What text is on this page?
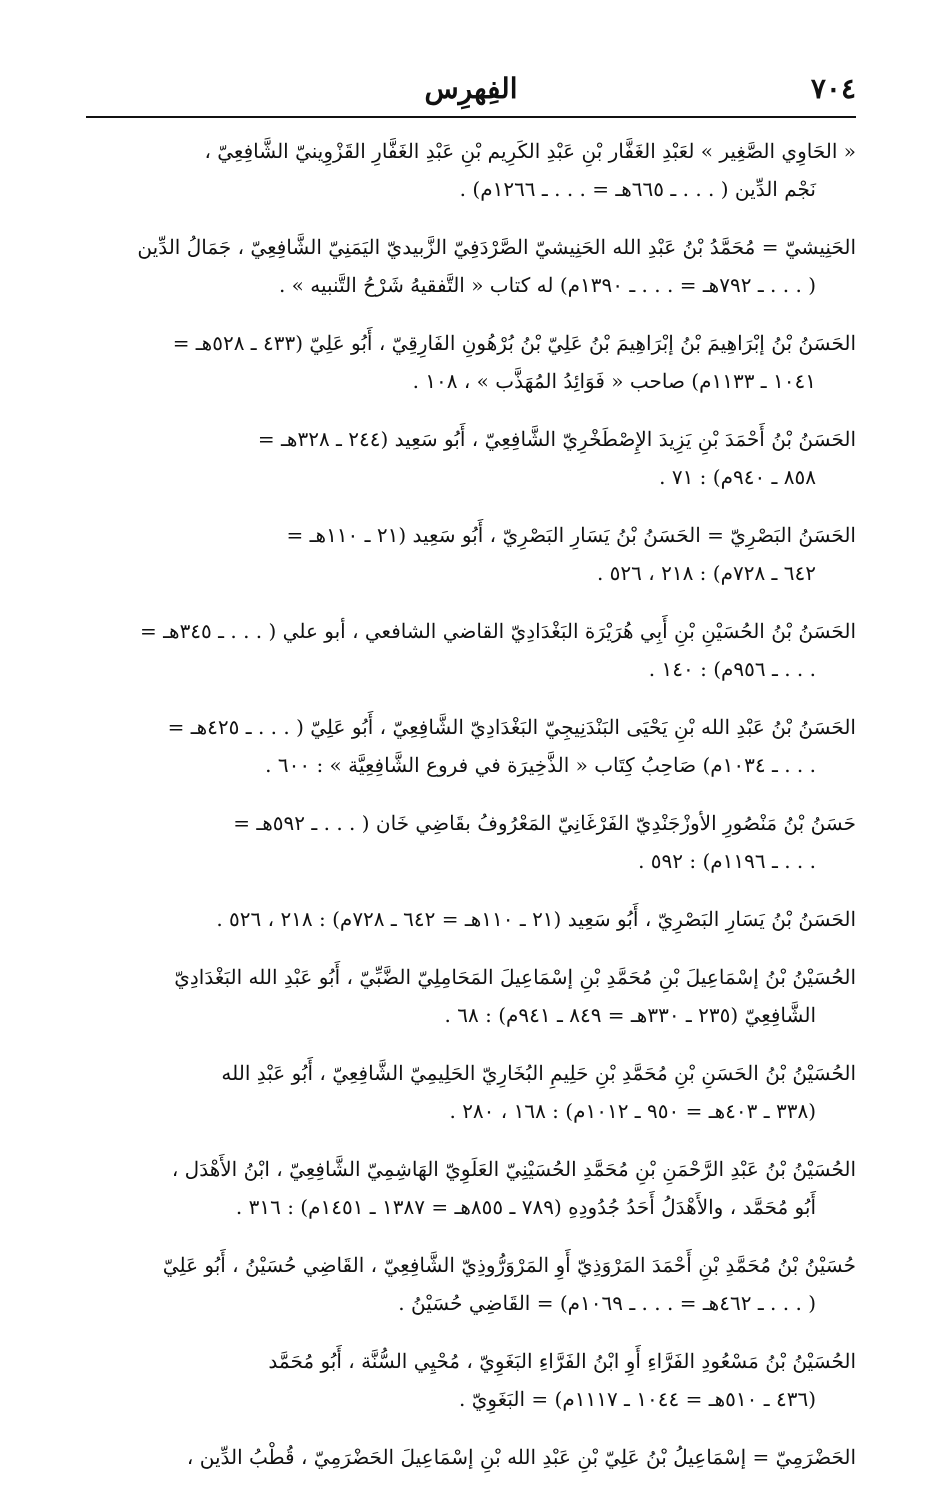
٧٠٤
الفِهرِس
« الحَاوِي الصَّغِير » لعَبْدِ الغَفَّار بْنِ عَبْدِ الكَرِيم بْنِ عَبْدِ الغَفَّارِ القَزْوِينيّ الشَّافِعِيّ ،
نَجْم الدِّين ( . . . ـ ٦٦٥هـ = . . . ـ ١٢٦٦م) .
الحَنِيشيّ = مُحَمَّدُ بْنُ عَبْدِ الله الحَنِيشيّ الصَّرْدَفِيّ الزَّبيديّ اليَمَنِيّ الشَّافِعِيّ ، جَمَالُ الدِّين
( . . . ـ ٧٩٢هـ = . . . ـ ١٣٩٠م) له كتاب « التَّفقيهُ شَرْحُ التَّنبيه » .
الحَسَنُ بْنُ إبْرَاهِيمَ بْنُ إبْرَاهِيمَ بْنُ عَلِيّ بْنُ بُرْهُونِ الفَارِقِيّ ، أَبُو عَلِيّ (٤٣٣ ـ ٥٢٨هـ =
١٠٤١ ـ ١١٣٣م) صاحب « فَوَائِدُ المُهَذَّب » ، ١٠٨ .
الحَسَنُ بْنُ أَحْمَدَ بْنِ يَزِيدَ الإِصْطَخْرِيّ الشَّافِعِيّ ، أَبُو سَعِيد (٢٤٤ ـ ٣٢٨هـ =
٨٥٨ ـ ٩٤٠م) : ٧١ .
الحَسَنُ البَصْرِيّ = الحَسَنُ بْنُ يَسَارِ البَصْرِيّ ، أَبُو سَعِيد (٢١ ـ ١١٠هـ =
٦٤٢ ـ ٧٢٨م) : ٢١٨ ، ٥٢٦ .
الحَسَنُ بْنُ الحُسَيْنِ بْنِ أَبِي هُرَيْرَة البَغْدَادِيّ القاضي الشافعي ، أبو علي ( . . . ـ ٣٤٥هـ =
. . . ـ ٩٥٦م) : ١٤٠ .
الحَسَنُ بْنُ عَبْدِ الله بْنِ يَحْيَى البَنْدَنِيجِيّ البَغْدَادِيّ الشَّافِعِيّ ، أَبُو عَلِيّ ( . . . ـ ٤٢٥هـ =
. . . ـ ١٠٣٤م) صَاحِبُ كِتَاب « الذَّخِيرَة في فروع الشَّافِعِيَّة » : ٦٠٠ .
حَسَنُ بْنُ مَنْصُورِ الأوزْجَنْدِيّ الفَرْغَانِيّ المَعْرُوفُ بقَاضِي خَان ( . . . ـ ٥٩٢هـ =
. . . ـ ١١٩٦م) : ٥٩٢ .
الحَسَنُ بْنُ يَسَارِ البَصْرِيّ ، أَبُو سَعِيد (٢١ ـ ١١٠هـ = ٦٤٢ ـ ٧٢٨م) : ٢١٨ ، ٥٢٦ .
الحُسَيْنُ بْنُ إسْمَاعِيلَ بْنِ مُحَمَّدِ بْنِ إسْمَاعِيلَ المَحَامِلِيّ الضَّبِّيّ ، أَبُو عَبْدِ الله البَغْدَادِيّ
الشَّافِعِيّ (٢٣٥ ـ ٣٣٠هـ = ٨٤٩ ـ ٩٤١م) : ٦٨ .
الحُسَيْنُ بْنُ الحَسَنِ بْنِ مُحَمَّدِ بْنِ حَلِيمِ البُخَارِيّ الحَلِيمِيّ الشَّافِعِيّ ، أَبُو عَبْدِ الله
(٣٣٨ ـ ٤٠٣هـ = ٩٥٠ ـ ١٠١٢م) : ١٦٨ ، ٢٨٠ .
الحُسَيْنُ بْنُ عَبْدِ الرَّحْمَنِ بْنِ مُحَمَّدِ الحُسَيْنِيّ العَلَوِيّ الهَاشِمِيّ الشَّافِعِيّ ، ابْنُ الأَهْدَل ،
أَبُو مُحَمَّد ، والأَهْدَلُ أَحَدُ جُدُودِهِ (٧٨٩ ـ ٨٥٥هـ = ١٣٨٧ ـ ١٤٥١م) : ٣١٦ .
حُسَيْنُ بْنُ مُحَمَّدِ بْنِ أَحْمَدَ المَرْوَذِيّ أَوِ المَرْوَرُّوذِيّ الشَّافِعِيّ ، القَاضِي حُسَيْنُ ، أَبُو عَلِيّ
( . . . ـ ٤٦٢هـ = . . . ـ ١٠٦٩م) = القَاضِي حُسَيْنُ .
الحُسَيْنُ بْنُ مَسْعُودِ الفَرَّاءِ أَوِ ابْنُ الفَرَّاءِ البَغَوِيّ ، مُحْيِي السُّنَّة ، أَبُو مُحَمَّد
(٤٣٦ ـ ٥١٠هـ = ١٠٤٤ ـ ١١١٧م) = البَغَوِيّ .
الحَضْرَمِيّ = إسْمَاعِيلُ بْنُ عَلِيّ بْنِ عَبْدِ الله بْنِ إسْمَاعِيلَ الحَضْرَمِيّ ، قُطْبُ الدِّين ،
